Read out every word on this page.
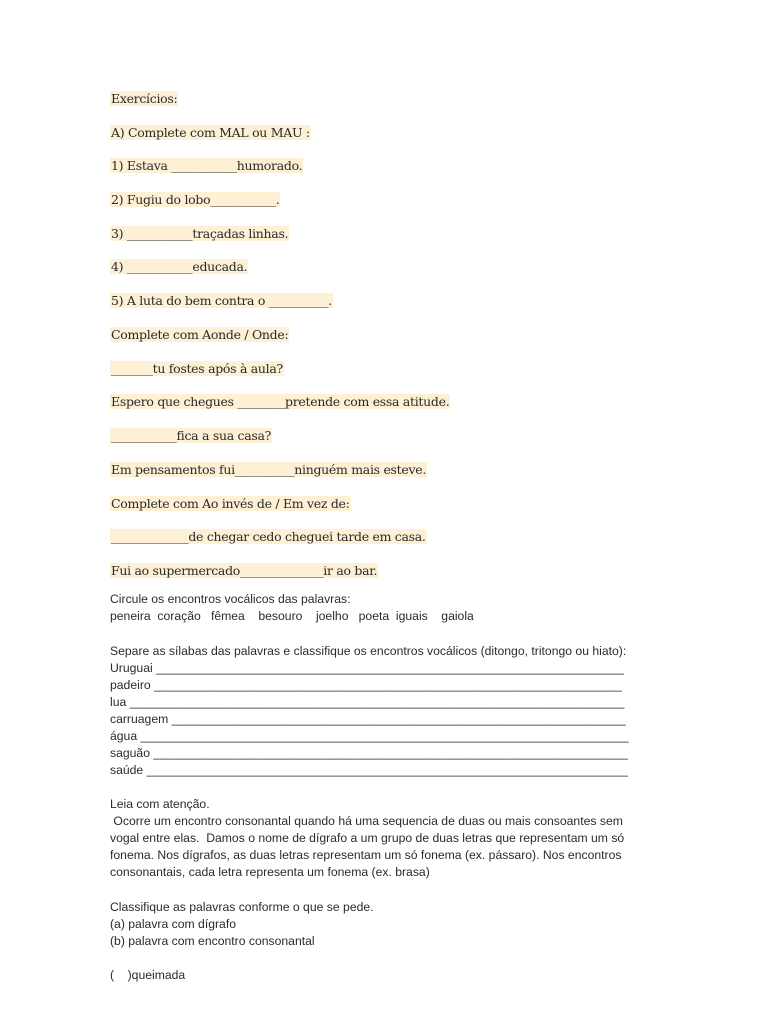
Exercícios:
A) Complete com MAL ou MAU :
1) Estava ___________humorado.
2) Fugiu do lobo___________.
3) ___________traçadas linhas.
4) ___________educada.
5) A luta do bem contra o __________.
Complete com Aonde / Onde:
_______tu fostes após à aula?
Espero que chegues ________pretende com essa atitude.
___________fica a sua casa?
Em pensamentos fui__________ninguém mais esteve.
Complete com Ao invés de / Em vez de:
_____________de chegar cedo cheguei tarde em casa.
Fui ao supermercado______________ir ao bar.
Circule os encontros vocálicos das palavras:
peneira  coração   fêmea    besouro    joelho   poeta  iguais    gaiola
Separe as sílabas das palavras e classifique os encontros vocálicos (ditongo, tritongo ou hiato):
Uruguai _____________________________________________________________________
padeiro _____________________________________________________________________
lua _________________________________________________________________________
carruagem ___________________________________________________________________
água ________________________________________________________________________
saguão ______________________________________________________________________
saúde _______________________________________________________________________
Leia com atenção.
Ocorre um encontro consonantal quando há uma sequencia de duas ou mais consoantes sem
vogal entre elas.  Damos o nome de dígrafo a um grupo de duas letras que representam um só
fonema. Nos dígrafos, as duas letras representam um só fonema (ex. pássaro). Nos encontros
consonantais, cada letra representa um fonema (ex. brasa)
Classifique as palavras conforme o que se pede.
(a) palavra com dígrafo
(b) palavra com encontro consonantal
(    )queimada
